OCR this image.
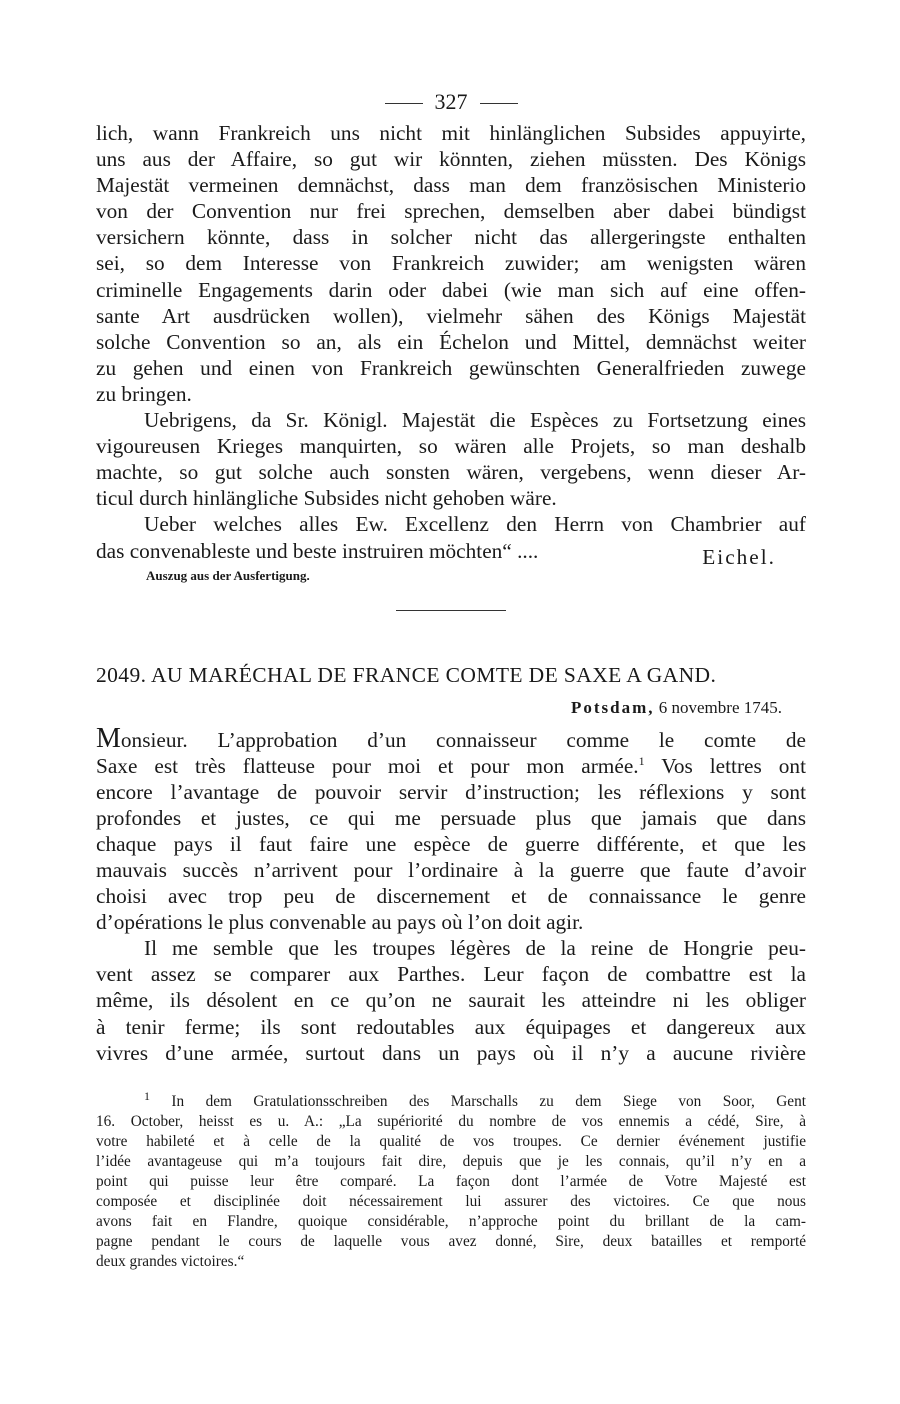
327
lich, wann Frankreich uns nicht mit hinlänglichen Subsides appuyirte,
uns aus der Affaire, so gut wir könnten, ziehen müssten. Des Königs
Majestät vermeinen demnächst, dass man dem französischen Ministerio
von der Convention nur frei sprechen, demselben aber dabei bündigst
versichern könnte, dass in solcher nicht das allergeringste enthalten
sei, so dem Interesse von Frankreich zuwider; am wenigsten wären
criminelle Engagements darin oder dabei (wie man sich auf eine offen-
sante Art ausdrücken wollen), vielmehr sähen des Königs Majestät
solche Convention so an, als ein Échelon und Mittel, demnächst weiter
zu gehen und einen von Frankreich gewünschten Generalfrieden zuwege
zu bringen.
Uebrigens, da Sr. Königl. Majestät die Espèces zu Fortsetzung eines
vigoureusen Krieges manquirten, so wären alle Projets, so man deshalb
machte, so gut solche auch sonsten wären, vergebens, wenn dieser Ar-
ticul durch hinlängliche Subsides nicht gehoben wäre.
Ueber welches alles Ew. Excellenz den Herrn von Chambrier auf
das convenableste und beste instruiren möchten“ ....	Eichel.
Auszug aus der Ausfertigung.
2049. AU MARÉCHAL DE FRANCE COMTE DE SAXE A GAND.
Potsdam, 6 novembre 1745.
Monsieur. L’approbation d’un connaisseur comme le comte de
Saxe est très flatteuse pour moi et pour mon armée.$^1$ Vos lettres ont
encore l’avantage de pouvoir servir d’instruction; les réflexions y sont
profondes et justes, ce qui me persuade plus que jamais que dans
chaque pays il faut faire une espèce de guerre différente, et que les
mauvais succès n’arrivent pour l’ordinaire à la guerre que faute d’avoir
choisi avec trop peu de discernement et de connaissance le genre
d’opérations le plus convenable au pays où l’on doit agir.
Il me semble que les troupes légères de la reine de Hongrie peu-
vent assez se comparer aux Parthes. Leur façon de combattre est la
même, ils désolent en ce qu’on ne saurait les atteindre ni les obliger
à tenir ferme; ils sont redoutables aux équipages et dangereux aux
vivres d’une armée, surtout dans un pays où il n’y a aucune rivière
$^1$ In dem Gratulationsschreiben des Marschalls zu dem Siege von Soor, Gent
16. October, heisst es u. A.: „La supériorité du nombre de vos ennemis a cédé, Sire, à
votre habileté et à celle de la qualité de vos troupes. Ce dernier événement justifie
l’idée avantageuse qui m’a toujours fait dire, depuis que je les connais, qu’il n’y en a
point qui puisse leur être comparé. La façon dont l’armée de Votre Majesté est
composée et disciplinée doit nécessairement lui assurer des victoires. Ce que nous
avons fait en Flandre, quoique considérable, n’approche point du brillant de la cam-
pagne pendant le cours de laquelle vous avez donné, Sire, deux batailles et remporté
deux grandes victoires.“
